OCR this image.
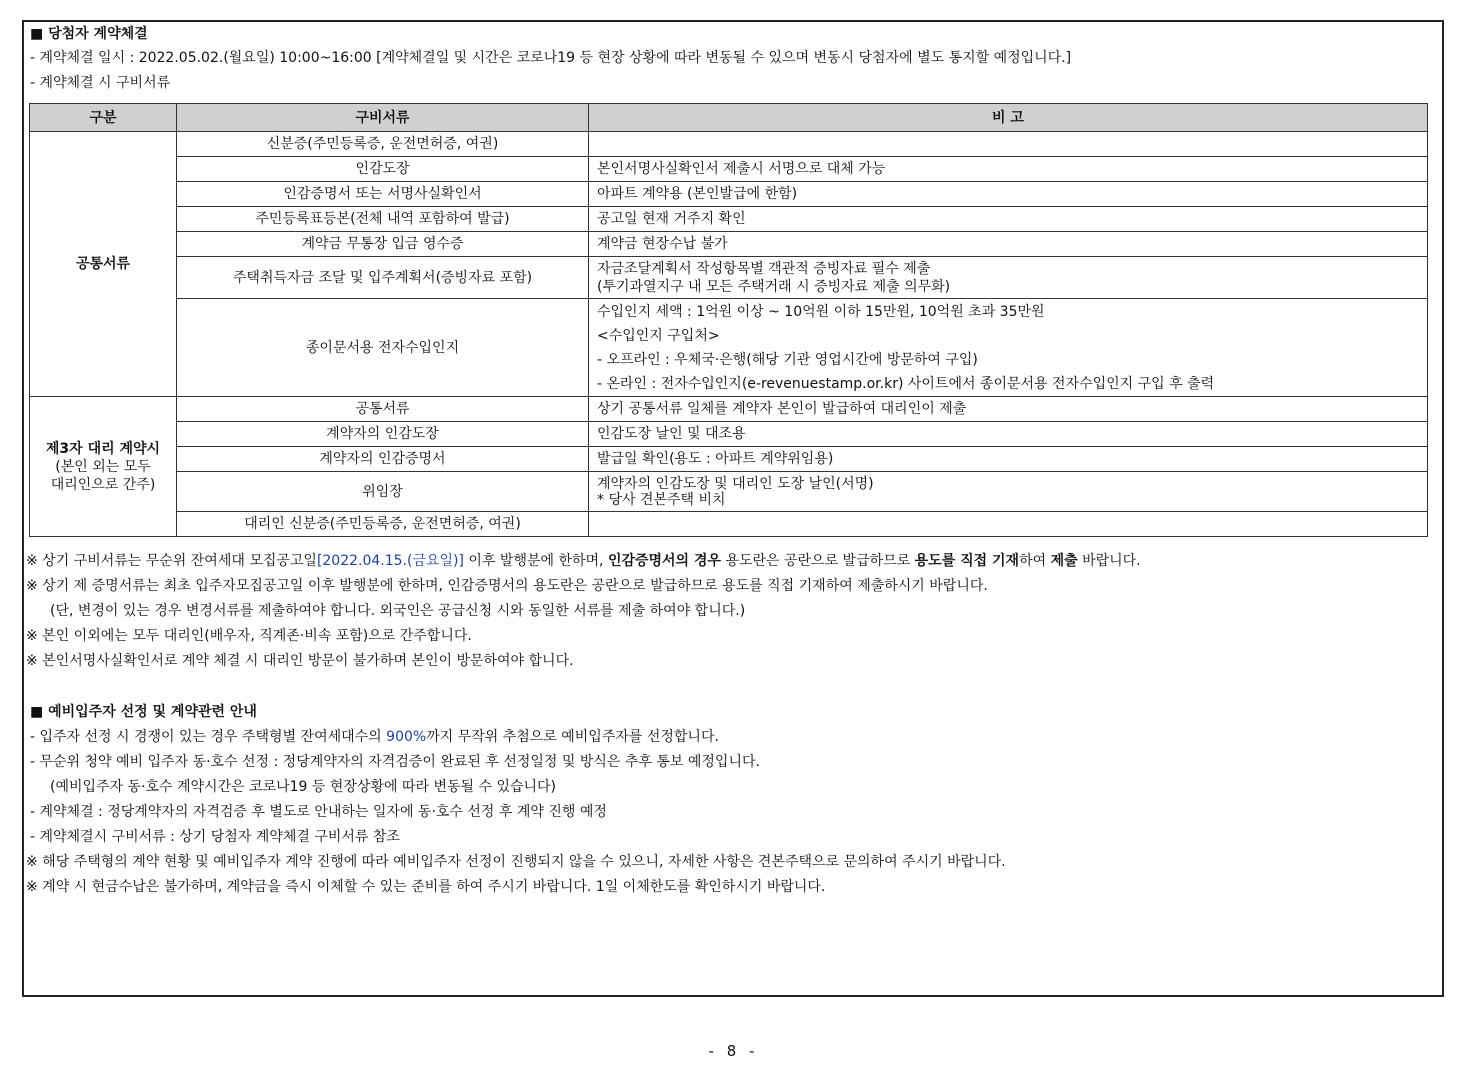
■ 당첨자 계약체결
- 계약체결 일시 : 2022.05.02.(월요일) 10:00~16:00 [계약체결일 및 시간은 코로나19 등 현장 상황에 따라 변동될 수 있으며 변동시 당첨자에 별도 통지할 예정입니다.]
- 계약체결 시 구비서류
구분	구비서류	비 고
공통서류	신분증(주민등록증, 운전면허증, 여권)	
	인감도장	본인서명사실확인서 제출시 서명으로 대체 가능
	인감증명서 또는 서명사실확인서	아파트 계약용 (본인발급에 한함)
	주민등록표등본(전체 내역 포함하여 발급)	공고일 현재 거주지 확인
	계약금 무통장 입금 영수증	계약금 현장수납 불가
	주택취득자금 조달 및 입주계획서(증빙자료 포함)	자금조달계획서 작성항목별 객관적 증빙자료 필수 제출
(투기과열지구 내 모든 주택거래 시 증빙자료 제출 의무화)

	종이문서용 전자수입인지	수입인지 세액 : 1억원 이상 ~ 10억원 이하 15만원, 10억원 초과 35만원
<수입인지 구입처>
- 오프라인 : 우체국·은행(해당 기관 영업시간에 방문하여 구입)
- 온라인 : 전자수입인지(e-revenuestamp.or.kr) 사이트에서 종이문서용 전자수입인지 구입 후 출력

제3자 대리 계약시
(본인 외는 모두
대리인으로 간주)	공통서류	상기 공통서류 일체를 계약자 본인이 발급하여 대리인이 제출
	계약자의 인감도장	인감도장 날인 및 대조용
	계약자의 인감증명서	발급일 확인(용도 : 아파트 계약위임용)
	위임장	계약자의 인감도장 및 대리인 도장 날인(서명)
* 당사 견본주택 비치

	대리인 신분증(주민등록증, 운전면허증, 여권)	
※ 상기 구비서류는 무순위 잔여세대 모집공고일[2022.04.15.(금요일)] 이후 발행분에 한하며, 인감증명서의 경우 용도란은 공란으로 발급하므로 용도를 직접 기재하여 제출 바랍니다.
※ 상기 제 증명서류는 최초 입주자모집공고일 이후 발행분에 한하며, 인감증명서의 용도란은 공란으로 발급하므로 용도를 직접 기재하여 제출하시기 바랍니다.
(단, 변경이 있는 경우 변경서류를 제출하여야 합니다. 외국인은 공급신청 시와 동일한 서류를 제출 하여야 합니다.)
※ 본인 이외에는 모두 대리인(배우자, 직계존·비속 포함)으로 간주합니다.
※ 본인서명사실확인서로 계약 체결 시 대리인 방문이 불가하며 본인이 방문하여야 합니다.
■ 예비입주자 선정 및 계약관련 안내
- 입주자 선정 시 경쟁이 있는 경우 주택형별 잔여세대수의 900%까지 무작위 추첨으로 예비입주자를 선정합니다.
- 무순위 청약 예비 입주자 동·호수 선정 : 정당계약자의 자격검증이 완료된 후 선정일정 및 방식은 추후 통보 예정입니다.
(예비입주자 동·호수 계약시간은 코로나19 등 현장상황에 따라 변동될 수 있습니다)
- 계약체결 : 정당계약자의 자격검증 후 별도로 안내하는 일자에 동·호수 선정 후 계약 진행 예정
- 계약체결시 구비서류 : 상기 당첨자 계약체결 구비서류 참조
※ 해당 주택형의 계약 현황 및 예비입주자 계약 진행에 따라 예비입주자 선정이 진행되지 않을 수 있으니, 자세한 사항은 견본주택으로 문의하여 주시기 바랍니다.
※ 계약 시 현금수납은 불가하며, 계약금을 즉시 이체할 수 있는 준비를 하여 주시기 바랍니다. 1일 이체한도를 확인하시기 바랍니다.
- 8 -
